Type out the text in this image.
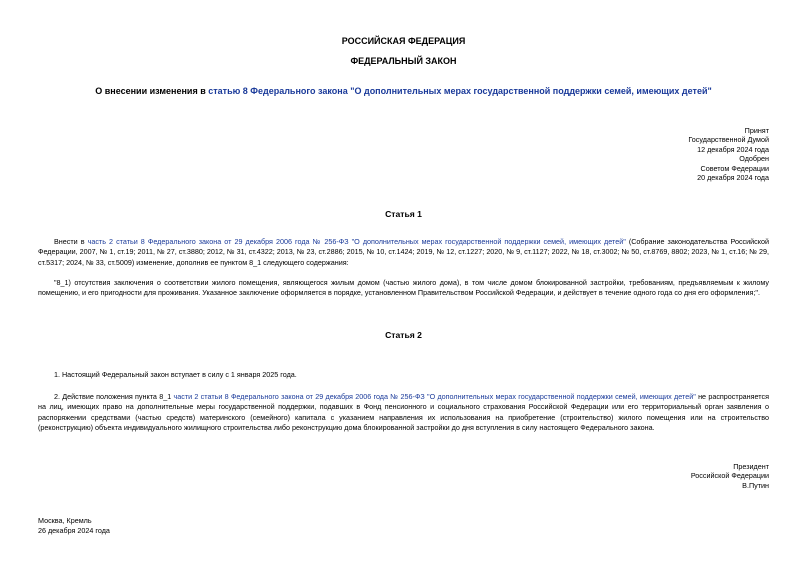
РОССИЙСКАЯ ФЕДЕРАЦИЯ
ФЕДЕРАЛЬНЫЙ ЗАКОН
О внесении изменения в статью 8 Федерального закона "О дополнительных мерах государственной поддержки семей, имеющих детей"
Принят
Государственной Думой
12 декабря 2024 года
Одобрен
Советом Федерации
20 декабря 2024 года
Статья 1
Внести в часть 2 статьи 8 Федерального закона от 29 декабря 2006 года № 256-ФЗ "О дополнительных мерах государственной поддержки семей, имеющих детей" (Собрание законодательства Российской Федерации, 2007, № 1, ст.19; 2011, № 27, ст.3880; 2012, № 31, ст.4322; 2013, № 23, ст.2886; 2015, № 10, ст.1424; 2019, № 12, ст.1227; 2020, № 9, ст.1127; 2022, № 18, ст.3002; № 50, ст.8769, 8802; 2023, № 1, ст.16; № 29, ст.5317; 2024, № 33, ст.5009) изменение, дополнив ее пунктом 8_1 следующего содержания:
"8_1) отсутствия заключения о соответствии жилого помещения, являющегося жилым домом (частью жилого дома), в том числе домом блокированной застройки, требованиям, предъявляемым к жилому помещению, и его пригодности для проживания. Указанное заключение оформляется в порядке, установленном Правительством Российской Федерации, и действует в течение одного года со дня его оформления;".
Статья 2
1. Настоящий Федеральный закон вступает в силу с 1 января 2025 года.
2. Действие положения пункта 8_1 части 2 статьи 8 Федерального закона от 29 декабря 2006 года № 256-ФЗ "О дополнительных мерах государственной поддержки семей, имеющих детей" не распространяется на лиц, имеющих право на дополнительные меры государственной поддержки, подавших в Фонд пенсионного и социального страхования Российской Федерации или его территориальный орган заявления о распоряжении средствами (частью средств) материнского (семейного) капитала с указанием направления их использования на приобретение (строительство) жилого помещения или на строительство (реконструкцию) объекта индивидуального жилищного строительства либо реконструкцию дома блокированной застройки до дня вступления в силу настоящего Федерального закона.
Президент
Российской Федерации
В.Путин
Москва, Кремль
26 декабря 2024 года
